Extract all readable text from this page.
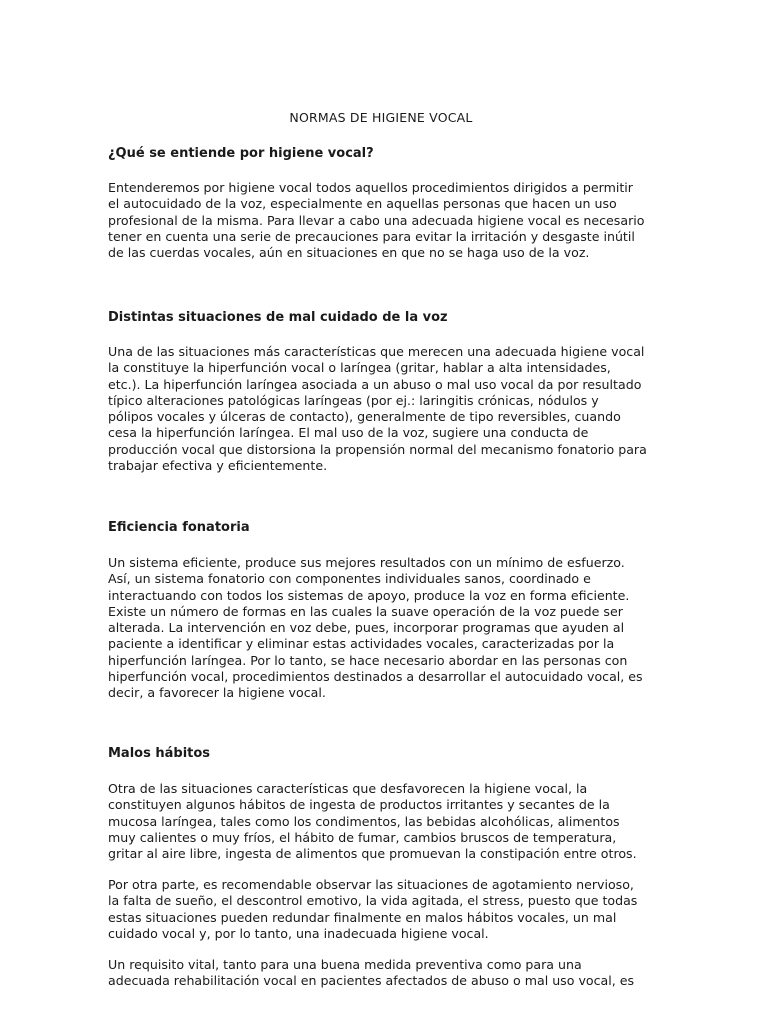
NORMAS DE HIGIENE VOCAL
¿Qué se entiende por higiene vocal?

Entenderemos por higiene vocal todos aquellos procedimientos dirigidos a permitir
el autocuidado de la voz, especialmente en aquellas personas que hacen un uso
profesional de la misma. Para llevar a cabo una adecuada higiene vocal es necesario
tener en cuenta una serie de precauciones para evitar la irritación y desgaste inútil
de las cuerdas vocales, aún en situaciones en que no se haga uso de la voz.

Distintas situaciones de mal cuidado de la voz

Una de las situaciones más características que merecen una adecuada higiene vocal
la constituye la hiperfunción vocal o laríngea (gritar, hablar a alta intensidades,
etc.). La hiperfunción laríngea asociada a un abuso o mal uso vocal da por resultado
típico alteraciones patológicas laríngeas (por ej.: laringitis crónicas, nódulos y
pólipos vocales y úlceras de contacto), generalmente de tipo reversibles, cuando
cesa la hiperfunción laríngea. El mal uso de la voz, sugiere una conducta de
producción vocal que distorsiona la propensión normal del mecanismo fonatorio para
trabajar efectiva y eficientemente.

Eficiencia fonatoria

Un sistema eficiente, produce sus mejores resultados con un mínimo de esfuerzo.
Así, un sistema fonatorio con componentes individuales sanos, coordinado e
interactuando con todos los sistemas de apoyo, produce la voz en forma eficiente.
Existe un número de formas en las cuales la suave operación de la voz puede ser
alterada. La intervención en voz debe, pues, incorporar programas que ayuden al
paciente a identificar y eliminar estas actividades vocales, caracterizadas por la
hiperfunción laríngea. Por lo tanto, se hace necesario abordar en las personas con
hiperfunción vocal, procedimientos destinados a desarrollar el autocuidado vocal, es
decir, a favorecer la higiene vocal.

Malos hábitos

Otra de las situaciones características que desfavorecen la higiene vocal, la
constituyen algunos hábitos de ingesta de productos irritantes y secantes de la
mucosa laríngea, tales como los condimentos, las bebidas alcohólicas, alimentos
muy calientes o muy fríos, el hábito de fumar, cambios bruscos de temperatura,
gritar al aire libre, ingesta de alimentos que promuevan la constipación entre otros.

Por otra parte, es recomendable observar las situaciones de agotamiento nervioso,
la falta de sueño, el descontrol emotivo, la vida agitada, el stress, puesto que todas
estas situaciones pueden redundar finalmente en malos hábitos vocales, un mal
cuidado vocal y, por lo tanto, una inadecuada higiene vocal.

Un requisito vital, tanto para una buena medida preventiva como para una
adecuada rehabilitación vocal en pacientes afectados de abuso o mal uso vocal, es
